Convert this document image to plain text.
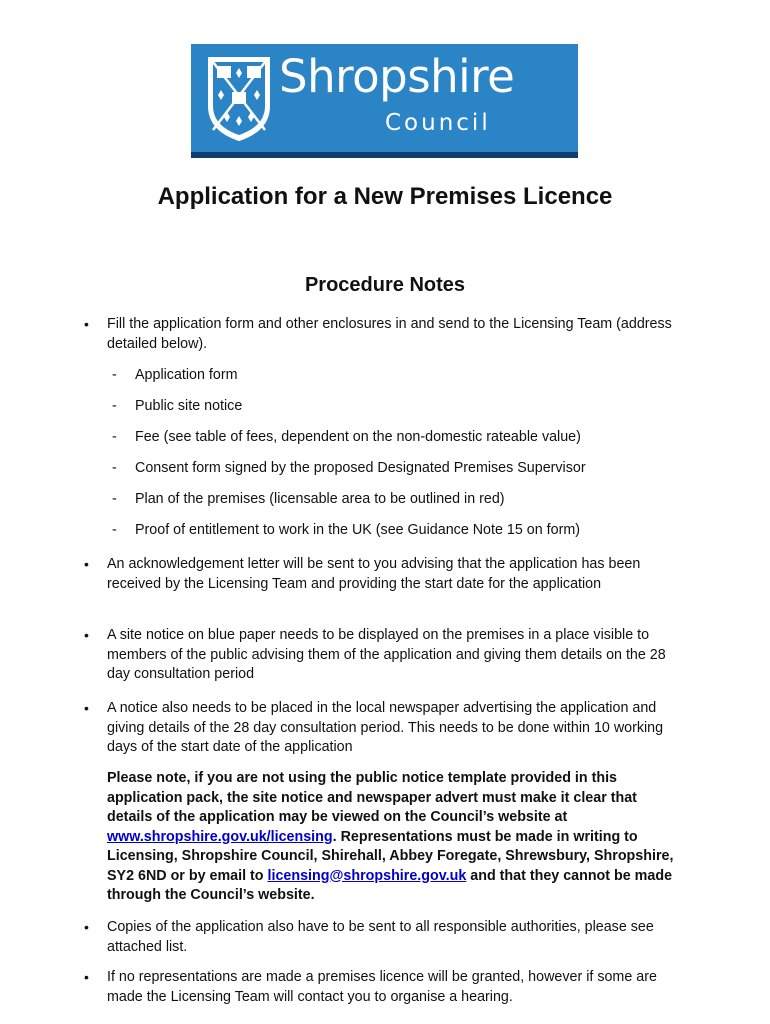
Shropshire
Council
Application for a New Premises Licence
Procedure Notes
• Fill the application form and other enclosures in and send to the Licensing Team (address detailed below).

- Application form
- Public site notice
- Fee (see table of fees, dependent on the non-domestic rateable value)
- Consent form signed by the proposed Designated Premises Supervisor
- Plan of the premises (licensable area to be outlined in red)
- Proof of entitlement to work in the UK (see Guidance Note 15 on form)
• An acknowledgement letter will be sent to you advising that the application has been received by the Licensing Team and providing the start date for the application

• A site notice on blue paper needs to be displayed on the premises in a place visible to members of the public advising them of the application and giving them details on the 28 day consultation period

• A notice also needs to be placed in the local newspaper advertising the application and giving details of the 28 day consultation period. This needs to be done within 10 working days of the start date of the application

Please note, if you are not using the public notice template provided in this application pack, the site notice and newspaper advert must make it clear that details of the application may be viewed on the Council’s website at www.shropshire.gov.uk/licensing. Representations must be made in writing to Licensing, Shropshire Council, Shirehall, Abbey Foregate, Shrewsbury, Shropshire, SY2 6ND or by email to licensing@shropshire.gov.uk and that they cannot be made through the Council’s website.

• Copies of the application also have to be sent to all responsible authorities, please see attached list.

• If no representations are made a premises licence will be granted, however if some are made the Licensing Team will contact you to organise a hearing.
